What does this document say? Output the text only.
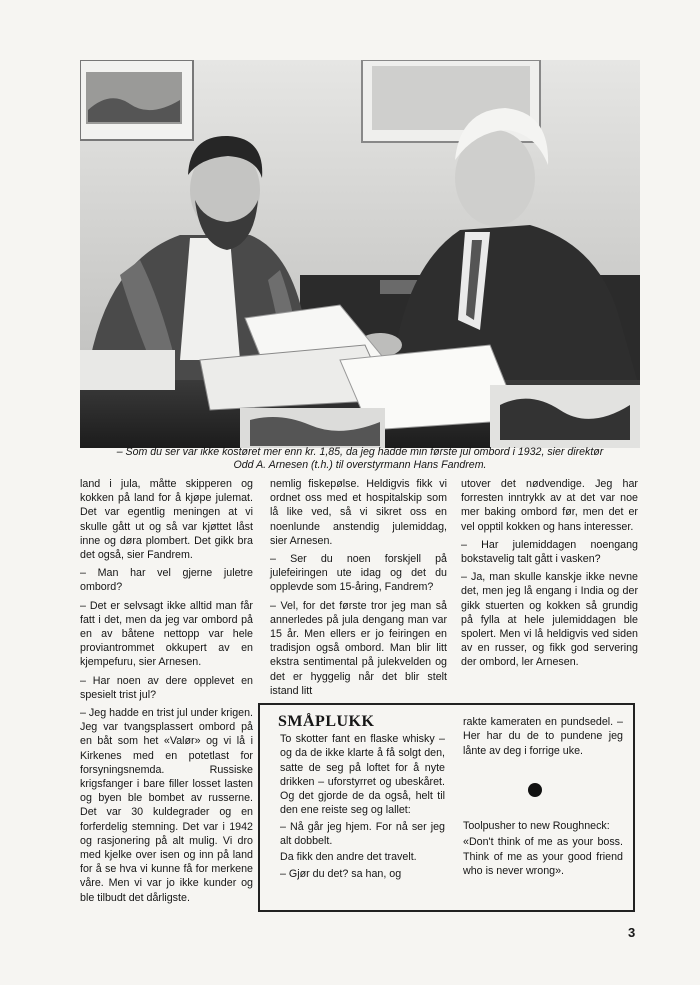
– Som du ser var ikke kostøret mer enn kr. 1,85, da jeg hadde min første jul ombord i 1932, sier direktør
Odd A. Arnesen (t.h.) til overstyrmann Hans Fandrem.

land i jula, måtte skipperen og kokken på land for å kjøpe julemat. Det var egentlig meningen at vi skulle gått ut og så var kjøttet låst inne og døra plombert. Det gikk bra det også, sier Fandrem.

– Man har vel gjerne juletre ombord?

– Det er selvsagt ikke alltid man får fatt i det, men da jeg var ombord på en av båtene nettopp var hele proviantrommet okkupert av en kjempefuru, sier Arnesen.

– Har noen av dere opplevet en spesielt trist jul?

– Jeg hadde en trist jul under krigen. Jeg var tvangsplassert ombord på en båt som het «Valør» og vi lå i Kirkenes med en potetlast for forsyningsnemda. Russiske krigsfanger i bare filler losset lasten og byen ble bombet av russerne. Det var 30 kuldegrader og en forferdelig stemning. Det var i 1942 og rasjonering på alt mulig. Vi dro med kjelke over isen og inn på land for å se hva vi kunne få for merkene våre. Men vi var jo ikke kunder og ble tilbudt det dårligste.

nemlig fiskepølse. Heldigvis fikk vi ordnet oss med et hospitalskip som lå like ved, så vi sikret oss en noenlunde anstendig julemiddag, sier Arnesen.

– Ser du noen forskjell på julefeiringen ute idag og det du opplevde som 15-åring, Fandrem?

– Vel, for det første tror jeg man så annerledes på jula dengang man var 15 år. Men ellers er jo feiringen en tradisjon også ombord. Man blir litt ekstra sentimental på julekvelden og det er hyggelig når det blir stelt istand litt

utover det nødvendige. Jeg har forresten inntrykk av at det var noe mer baking ombord før, men det er vel opptil kokken og hans interesser.

– Har julemiddagen noengang bokstavelig talt gått i vasken?

– Ja, man skulle kanskje ikke nevne det, men jeg lå engang i India og der gikk stuerten og kokken så grundig på fylla at hele julemiddagen ble spolert. Men vi lå heldigvis ved siden av en russer, og fikk god servering der ombord, ler Arnesen.

SMÅPLUKK

To skotter fant en flaske whisky – og da de ikke klarte å få solgt den, satte de seg på loftet for å nyte drikken – uforstyrret og ubeskåret. Og det gjorde de da også, helt til den ene reiste seg og lallet:

– Nå går jeg hjem. For nå ser jeg alt dobbelt.

Da fikk den andre det travelt.

– Gjør du det? sa han, og

rakte kameraten en pundsedel. – Her har du de to pundene jeg lånte av deg i forrige uke.

Toolpusher to new Roughneck:

«Don't think of me as your boss. Think of me as your good friend who is never wrong».

3
